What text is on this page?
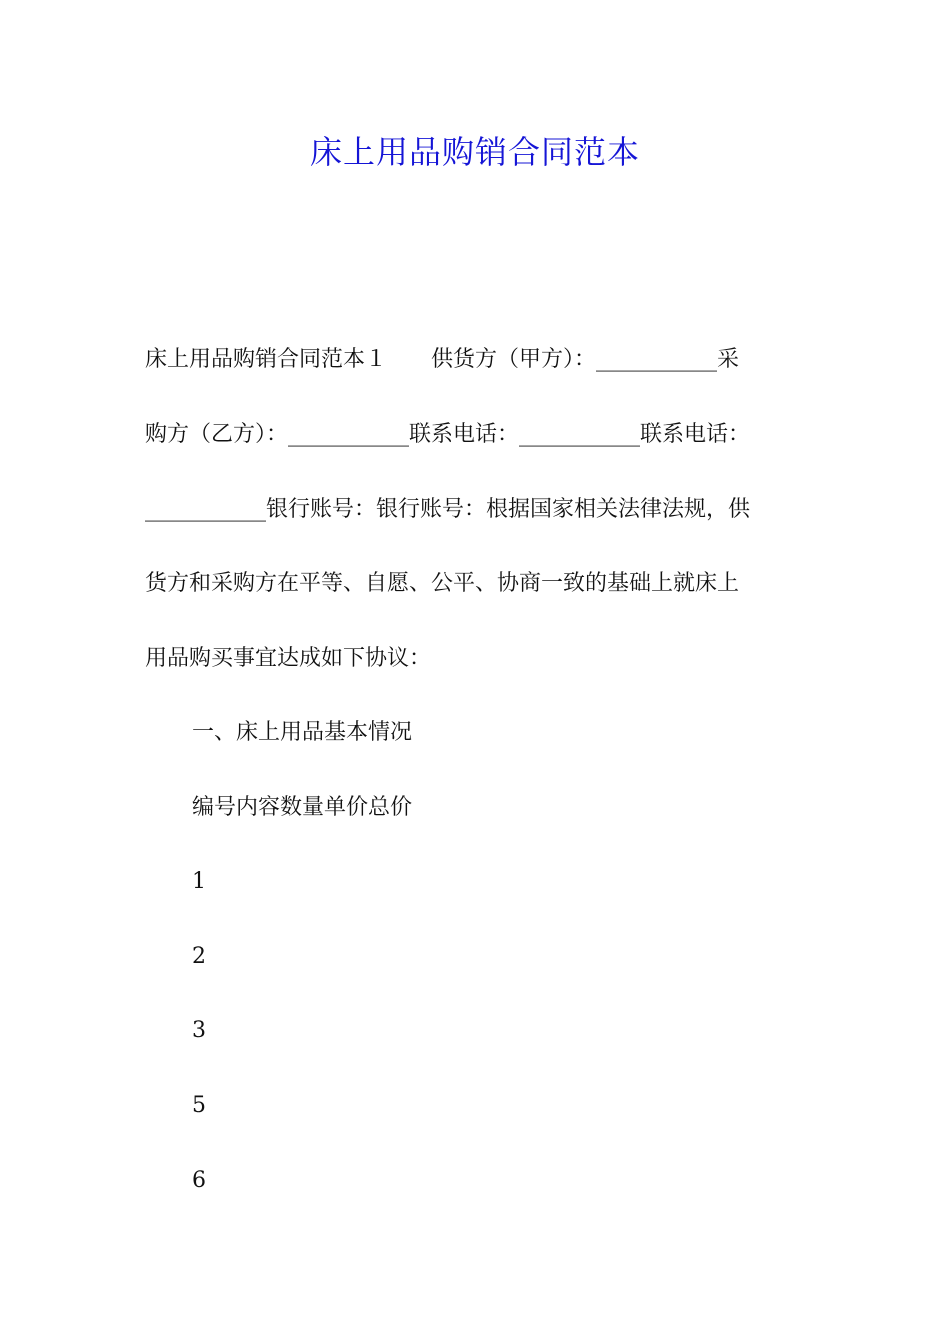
床上用品购销合同范本
床上用品购销合同范本１　　供货方（甲方）：___________采
购方（乙方）：___________联系电话：___________联系电话：
___________银行账号：银行账号：根据国家相关法律法规，供
货方和采购方在平等、自愿、公平、协商一致的基础上就床上
用品购买事宜达成如下协议：
一、床上用品基本情况
编号内容数量单价总价
1
2
3
5
6
